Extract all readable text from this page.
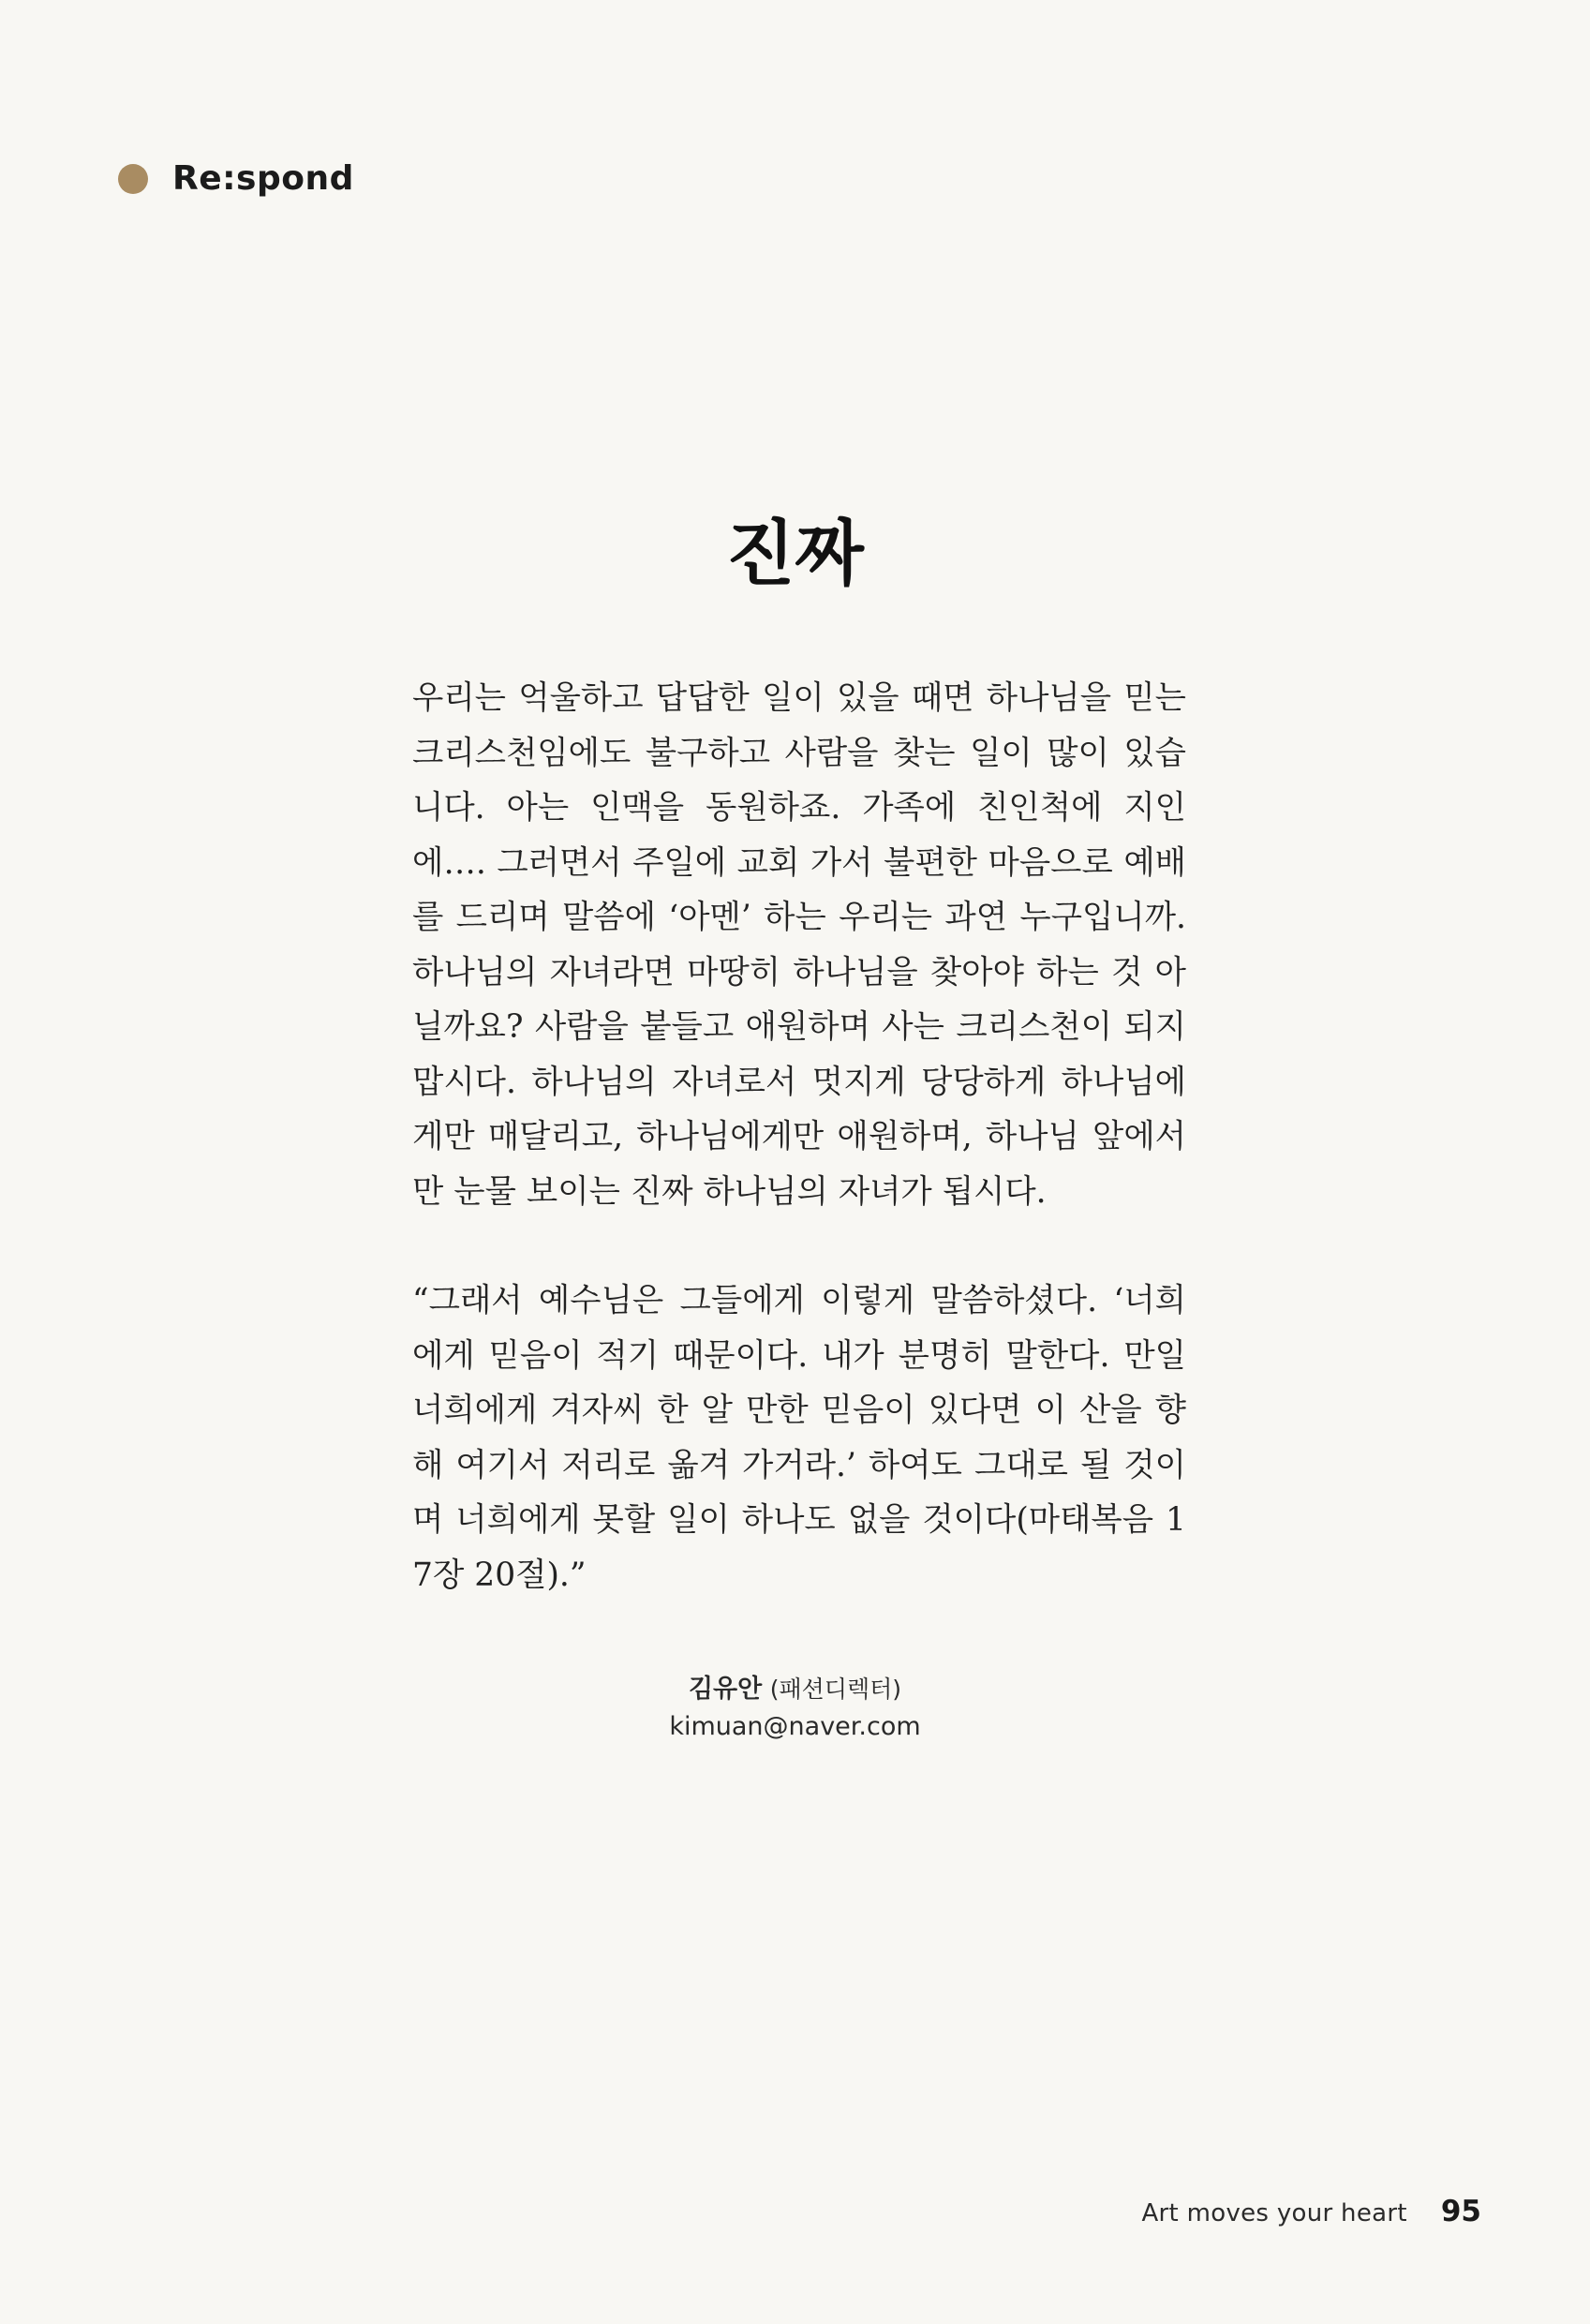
Re:spond
진짜

우리는 억울하고 답답한 일이 있을 때면 하나님을 믿는 크리스천임에도 불구하고 사람을 찾는 일이 많이 있습니다. 아는 인맥을 동원하죠. 가족에 친인척에 지인에…. 그러면서 주일에 교회 가서 불편한 마음으로 예배를 드리며 말씀에 ‘아멘’ 하는 우리는 과연 누구입니까. 하나님의 자녀라면 마땅히 하나님을 찾아야 하는 것 아닐까요? 사람을 붙들고 애원하며 사는 크리스천이 되지 맙시다. 하나님의 자녀로서 멋지게 당당하게 하나님에게만 매달리고, 하나님에게만 애원하며, 하나님 앞에서만 눈물 보이는 진짜 하나님의 자녀가 됩시다.

“그래서 예수님은 그들에게 이렇게 말씀하셨다. ‘너희에게 믿음이 적기 때문이다. 내가 분명히 말한다. 만일 너희에게 겨자씨 한 알 만한 믿음이 있다면 이 산을 향해 여기서 저리로 옮겨 가거라.’ 하여도 그대로 될 것이며 너희에게 못할 일이 하나도 없을 것이다(마태복음 17장 20절).”

김유안 (패션디렉터)
kimuan@naver.com
Art moves your heart 95
